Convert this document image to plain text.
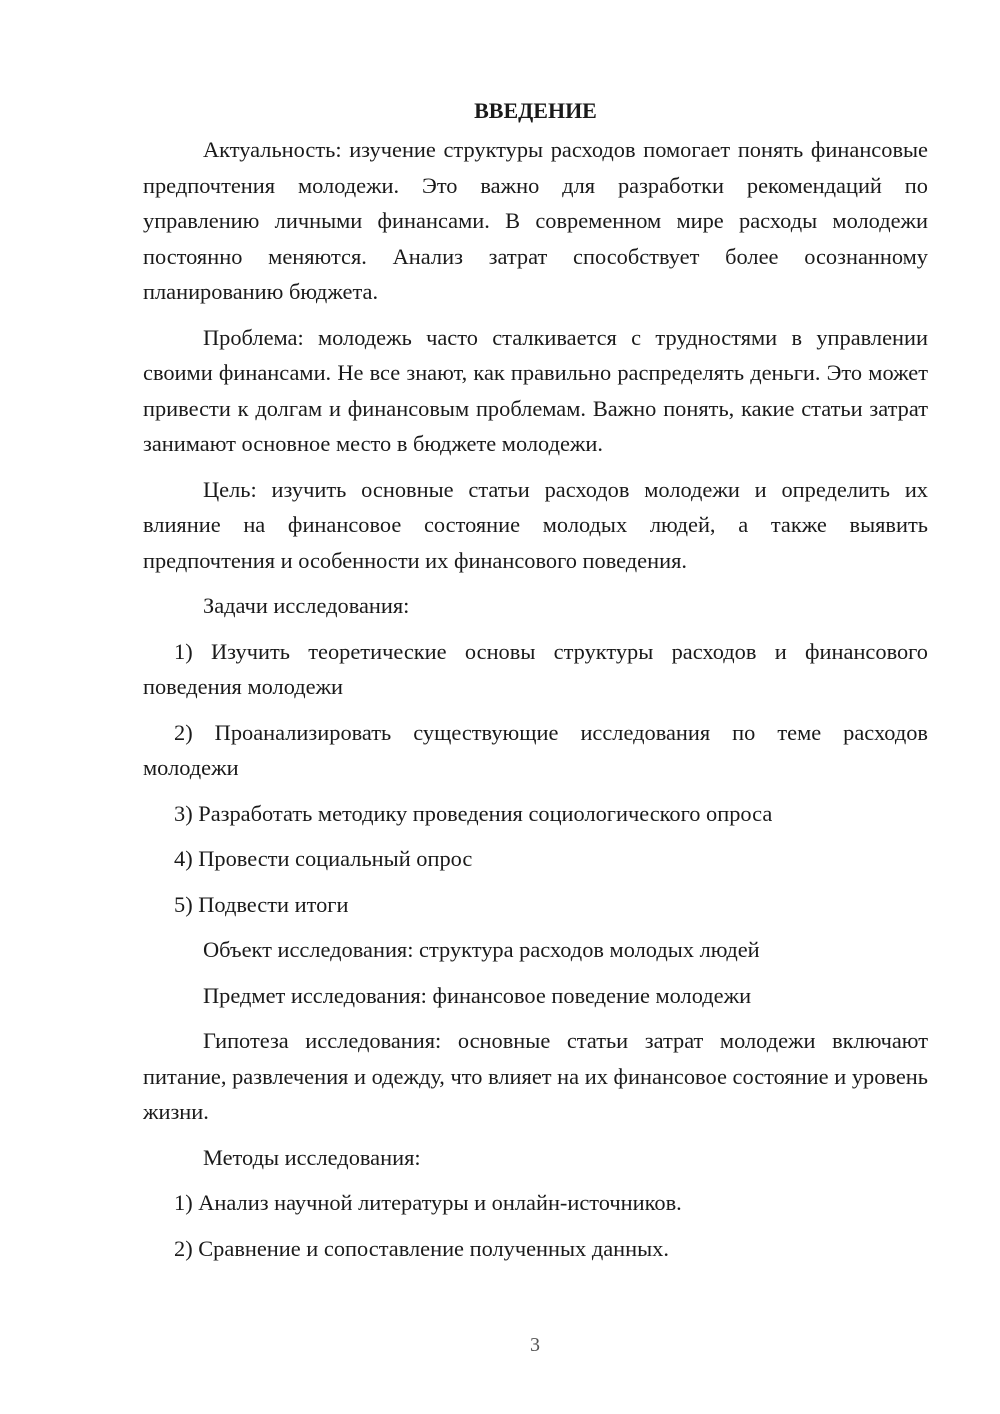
ВВЕДЕНИЕ

Актуальность: изучение структуры расходов помогает понять финансовые предпочтения молодежи. Это важно для разработки рекомендаций по управлению личными финансами. В современном мире расходы молодежи постоянно меняются. Анализ затрат способствует более осознанному планированию бюджета.

Проблема: молодежь часто сталкивается с трудностями в управлении своими финансами. Не все знают, как правильно распределять деньги. Это может привести к долгам и финансовым проблемам. Важно понять, какие статьи затрат занимают основное место в бюджете молодежи.

Цель: изучить основные статьи расходов молодежи и определить их влияние на финансовое состояние молодых людей, а также выявить предпочтения и особенности их финансового поведения.

Задачи исследования:

1) Изучить теоретические основы структуры расходов и финансового поведения молодежи

2) Проанализировать существующие исследования по теме расходов молодежи

3) Разработать методику проведения социологического опроса

4) Провести социальный опрос

5) Подвести итоги

Объект исследования: структура расходов молодых людей

Предмет исследования: финансовое поведение молодежи

Гипотеза исследования: основные статьи затрат молодежи включают питание, развлечения и одежду, что влияет на их финансовое состояние и уровень жизни.

Методы исследования:

1) Анализ научной литературы и онлайн-источников.

2) Сравнение и сопоставление полученных данных.

3
